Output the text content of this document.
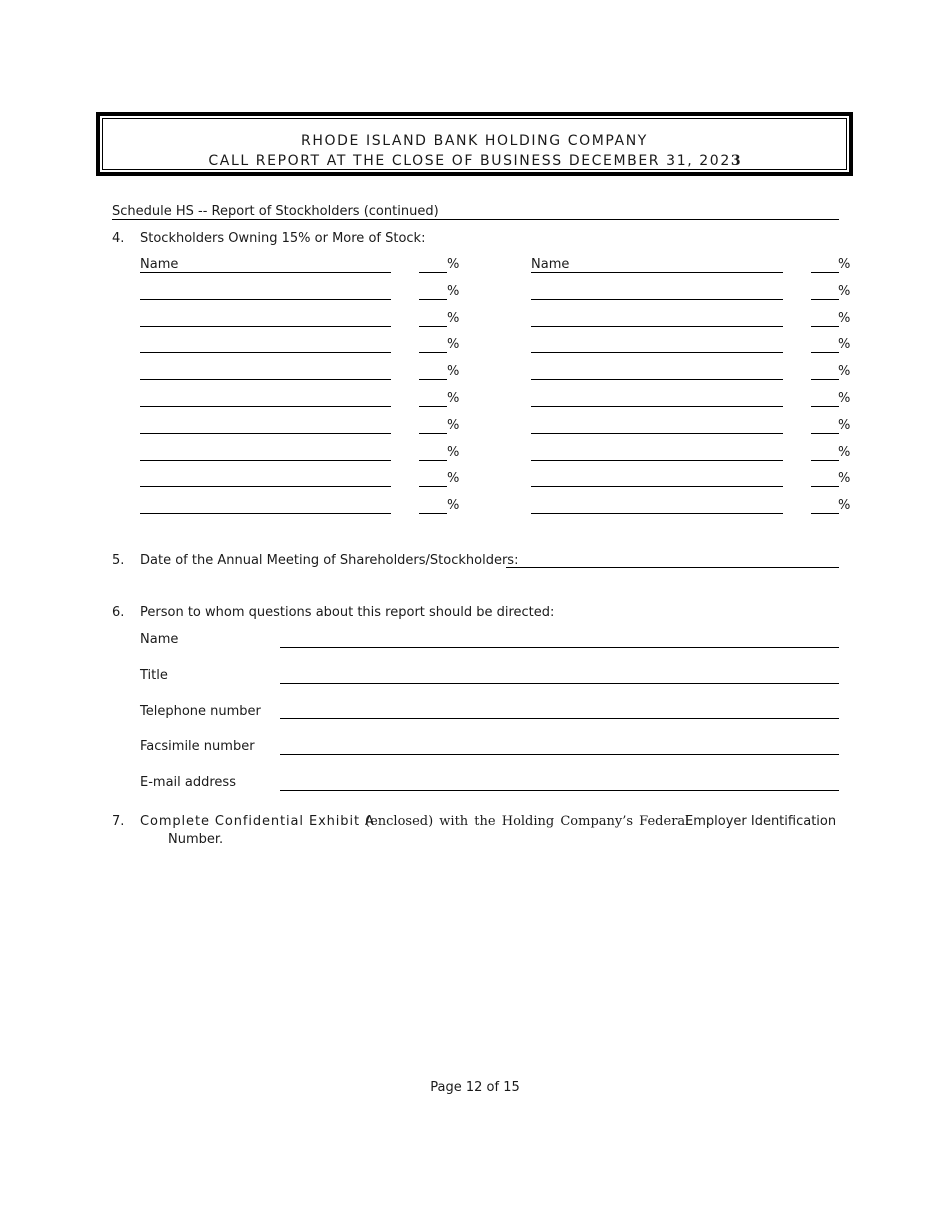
RHODE ISLAND BANK HOLDING COMPANY
CALL REPORT AT THE CLOSE OF BUSINESS DECEMBER 31, 2023
Schedule HS -- Report of Stockholders (continued)
4. Stockholders Owning 15% or More of Stock:
Name	%	Name	%
%	%
%	%
%	%
%	%
%	%
%	%
%	%
%	%
%	%
5. Date of the Annual Meeting of Shareholders/Stockholders:
6. Person to whom questions about this report should be directed:
Name
Title
Telephone number
Facsimile number
E-mail address
7. Complete Confidential Exhibit A
(enclosed) with the Holding Company’s Federal
Employer Identification
Number.
Page 12 of 15
